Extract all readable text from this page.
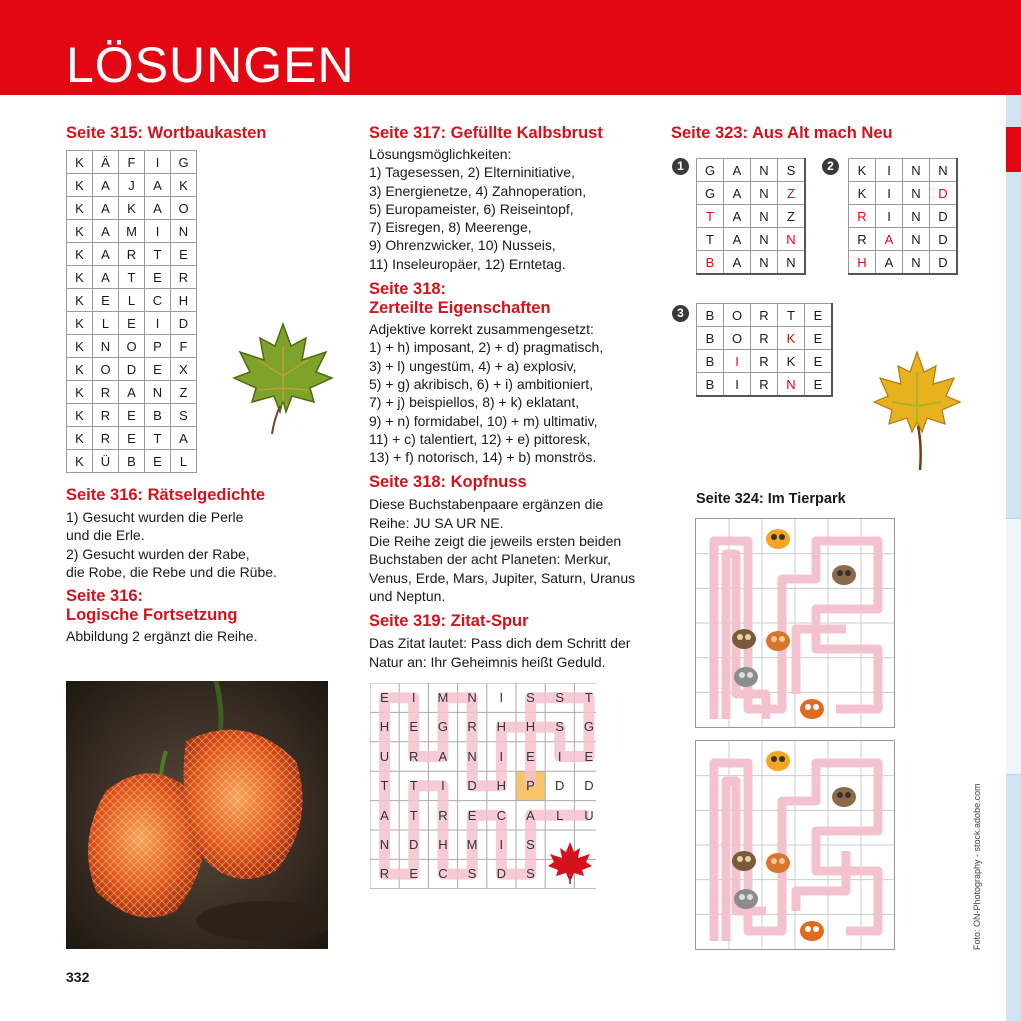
LÖSUNGEN

Seite 315: Wortbaukasten

K	Ä	F	I	G
K	A	J	A	K
K	A	K	A	O
K	A	M	I	N
K	A	R	T	E
K	A	T	E	R
K	E	L	C	H
K	L	E	I	D
K	N	O	P	F
K	O	D	E	X
K	R	A	N	Z
K	R	E	B	S
K	R	E	T	A
K	Ü	B	E	L

Seite 316: Rätselgedichte

1) Gesucht wurden die Perle
und die Erle.
2) Gesucht wurden der Rabe,
die Robe, die Rebe und die Rübe.

Seite 316:

Logische Fortsetzung

Abbildung 2 ergänzt die Reihe.

Seite 317: Gefüllte Kalbsbrust

Lösungsmöglichkeiten:
1) Tagesessen, 2) Elterninitiative,
3) Energienetze, 4) Zahnoperation,
5) Europameister, 6) Reiseintopf,
7) Eisregen, 8) Meerenge,
9) Ohrenzwicker, 10) Nusseis,
11) Inseleuropäer, 12) Erntetag.

Seite 318:

Zerteilte Eigenschaften

Adjektive korrekt zusammengesetzt:
1) + h) imposant, 2) + d) pragmatisch,
3) + l) ungestüm, 4) + a) explosiv,
5) + g) akribisch, 6) + i) ambitioniert,
7) + j) beispiellos, 8) + k) eklatant,
9) + n) formidabel, 10) + m) ultimativ,
11) + c) talentiert, 12) + e) pittoresk,
13) + f) notorisch, 14) + b) monströs.

Seite 318: Kopfnuss

Diese Buchstabenpaare ergänzen die
Reihe: JU SA UR NE.
Die Reihe zeigt die jeweils ersten beiden
Buchstaben der acht Planeten: Merkur,
Venus, Erde, Mars, Jupiter, Saturn, Uranus
und Neptun.

Seite 319: Zitat-Spur

Das Zitat lautet: Pass dich dem Schritt der
Natur an: Ihr Geheimnis heißt Geduld.
E	I	M	N	I	S	S	T
H	E	G	R	H	H	S	G
U	R	A	N	I	E	I	E
T	T	I	D	H	P	D	D
A	T	R	E	C	A	L	U
N	D	H	M	I	S
R	E	C	S	D	S

Seite 323: Aus Alt mach Neu

1	2
3
G	A	N	S
G	A	N	Z
T	A	N	Z
T	A	N	N
B	A	N	N
K	I	N	N
K	I	N	D
R	I	N	D
R	A	N	D
H	A	N	D
B	O	R	T	E
B	O	R	K	E
B	I	R	K	E
B	I	R	N	E

Seite 324: Im Tierpark

332
Foto: ON-Photography - stock.adobe.com
